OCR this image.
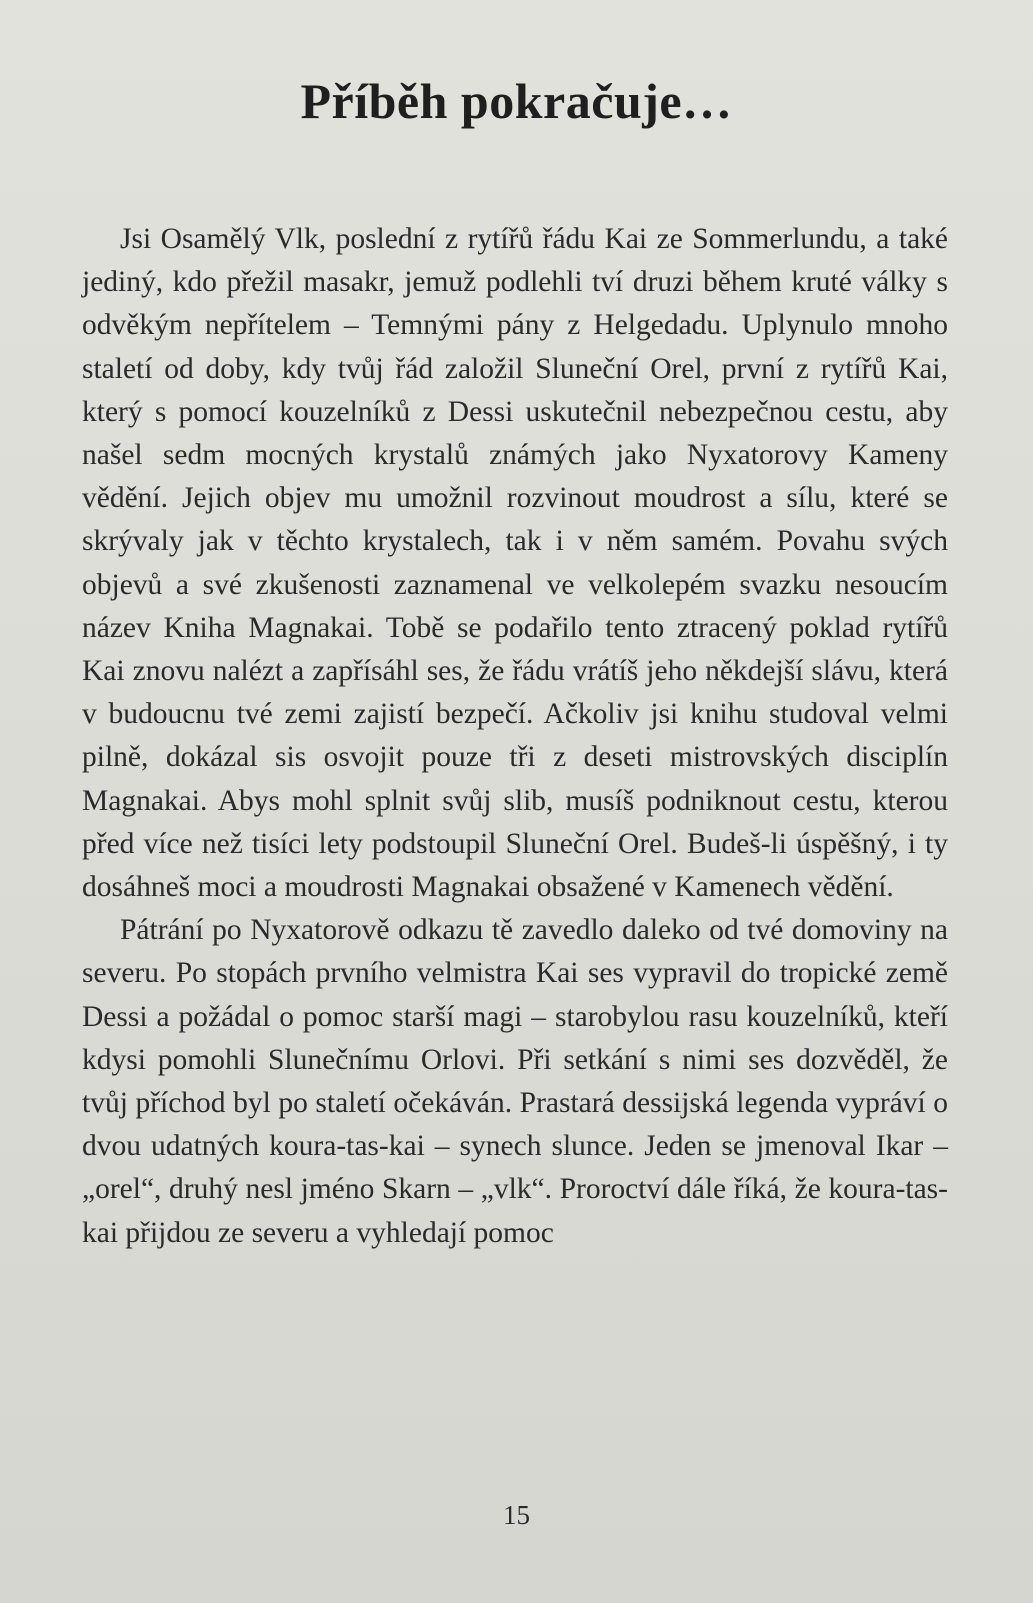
Příběh pokračuje…

Jsi Osamělý Vlk, poslední z rytířů řádu Kai ze Sommerlundu, a také jediný, kdo přežil masakr, jemuž podlehli tví druzi během kruté války s odvěkým nepřítelem – Temnými pány z Helgedadu. Uplynulo mnoho staletí od doby, kdy tvůj řád založil Sluneční Orel, první z rytířů Kai, který s pomocí kouzelníků z Dessi uskutečnil nebezpečnou cestu, aby našel sedm mocných krystalů známých jako Nyxatorovy Kameny vědění. Jejich objev mu umožnil rozvinout moudrost a sílu, které se skrývaly jak v těchto krystalech, tak i v něm samém. Povahu svých objevů a své zkušenosti zaznamenal ve velkolepém svazku nesoucím název Kniha Magnakai. Tobě se podařilo tento ztracený poklad rytířů Kai znovu nalézt a zapřísáhl ses, že řádu vrátíš jeho někdejší slávu, která v budoucnu tvé zemi zajistí bezpečí. Ačkoliv jsi knihu studoval velmi pilně, dokázal sis osvojit pouze tři z deseti mistrovských disciplín Magnakai. Abys mohl splnit svůj slib, musíš podniknout cestu, kterou před více než tisíci lety podstoupil Sluneční Orel. Budeš-li úspěšný, i ty dosáhneš moci a moudrosti Magnakai obsažené v Kamenech vědění.

Pátrání po Nyxatorově odkazu tě zavedlo daleko od tvé domoviny na severu. Po stopách prvního velmistra Kai ses vypravil do tropické země Dessi a požádal o pomoc starší magi – starobylou rasu kouzelníků, kteří kdysi pomohli Slunečnímu Orlovi. Při setkání s nimi ses dozvěděl, že tvůj příchod byl po staletí očekáván. Prastará dessijská legenda vypráví o dvou udatných koura-tas-kai – synech slunce. Jeden se jmenoval Ikar – „orel“, druhý nesl jméno Skarn – „vlk“. Proroctví dále říká, že koura-tas-kai přijdou ze severu a vyhledají pomoc

15
